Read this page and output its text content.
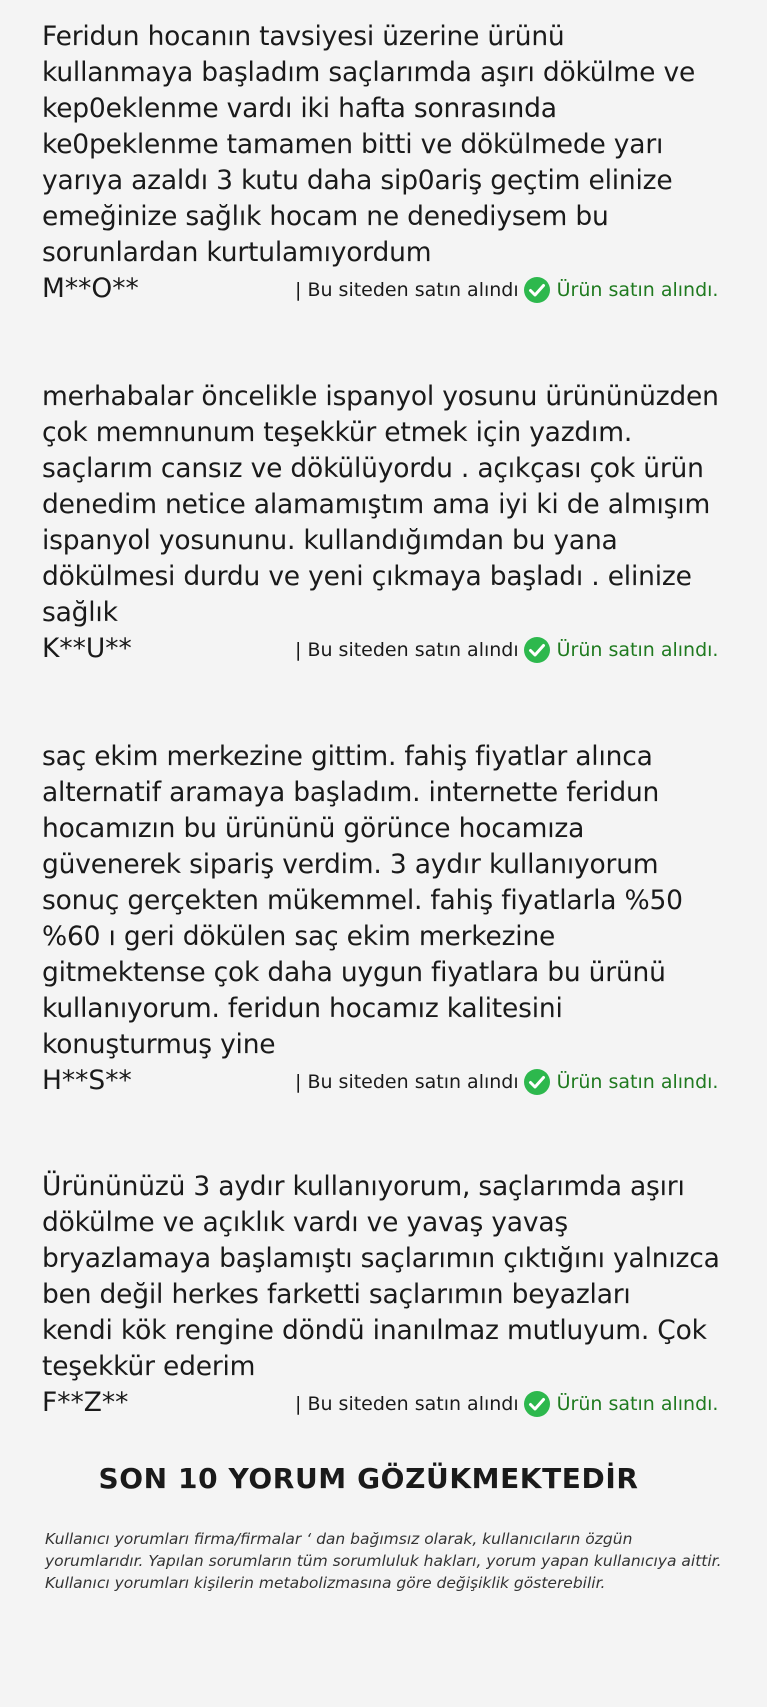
Feridun hocanın tavsiyesi üzerine ürünü
kullanmaya başladım saçlarımda aşırı dökülme ve
kep0eklenme vardı iki hafta sonrasında
ke0peklenme tamamen bitti ve dökülmede yarı
yarıya azaldı 3 kutu daha sip0ariş geçtim elinize
emeğinize sağlık hocam ne denediysem bu
sorunlardan kurtulamıyordum

M**O**	| Bu siteden satın alındı Ürün satın alındı.

merhabalar öncelikle ispanyol yosunu ürününüzden
çok memnunum teşekkür etmek için yazdım.
saçlarım cansız ve dökülüyordu . açıkçası çok ürün
denedim netice alamamıştım ama iyi ki de almışım
ispanyol yosununu. kullandığımdan bu yana
dökülmesi durdu ve yeni çıkmaya başladı . elinize
sağlık

K**U**	| Bu siteden satın alındı Ürün satın alındı.

saç ekim merkezine gittim. fahiş fiyatlar alınca
alternatif aramaya başladım. internette feridun
hocamızın bu ürününü görünce hocamıza
güvenerek sipariş verdim. 3 aydır kullanıyorum
sonuç gerçekten mükemmel. fahiş fiyatlarla %50
%60 ı geri dökülen saç ekim merkezine
gitmektense çok daha uygun fiyatlara bu ürünü
kullanıyorum. feridun hocamız kalitesini
konuşturmuş yine

H**S**	| Bu siteden satın alındı Ürün satın alındı.

Ürününüzü 3 aydır kullanıyorum, saçlarımda aşırı
dökülme ve açıklık vardı ve yavaş yavaş
bryazlamaya başlamıştı saçlarımın çıktığını yalnızca
ben değil herkes farketti saçlarımın beyazları
kendi kök rengine döndü inanılmaz mutluyum. Çok
teşekkür ederim

F**Z**	| Bu siteden satın alındı Ürün satın alındı.
SON 10 YORUM GÖZÜKMEKTEDİR

Kullanıcı yorumları firma/firmalar ‘ dan bağımsız olarak, kullanıcıların özgün yorumlarıdır. Yapılan sorumların tüm sorumluluk hakları, yorum yapan kullanıcıya aittir. Kullanıcı yorumları kişilerin metabolizmasına göre değişiklik gösterebilir.
